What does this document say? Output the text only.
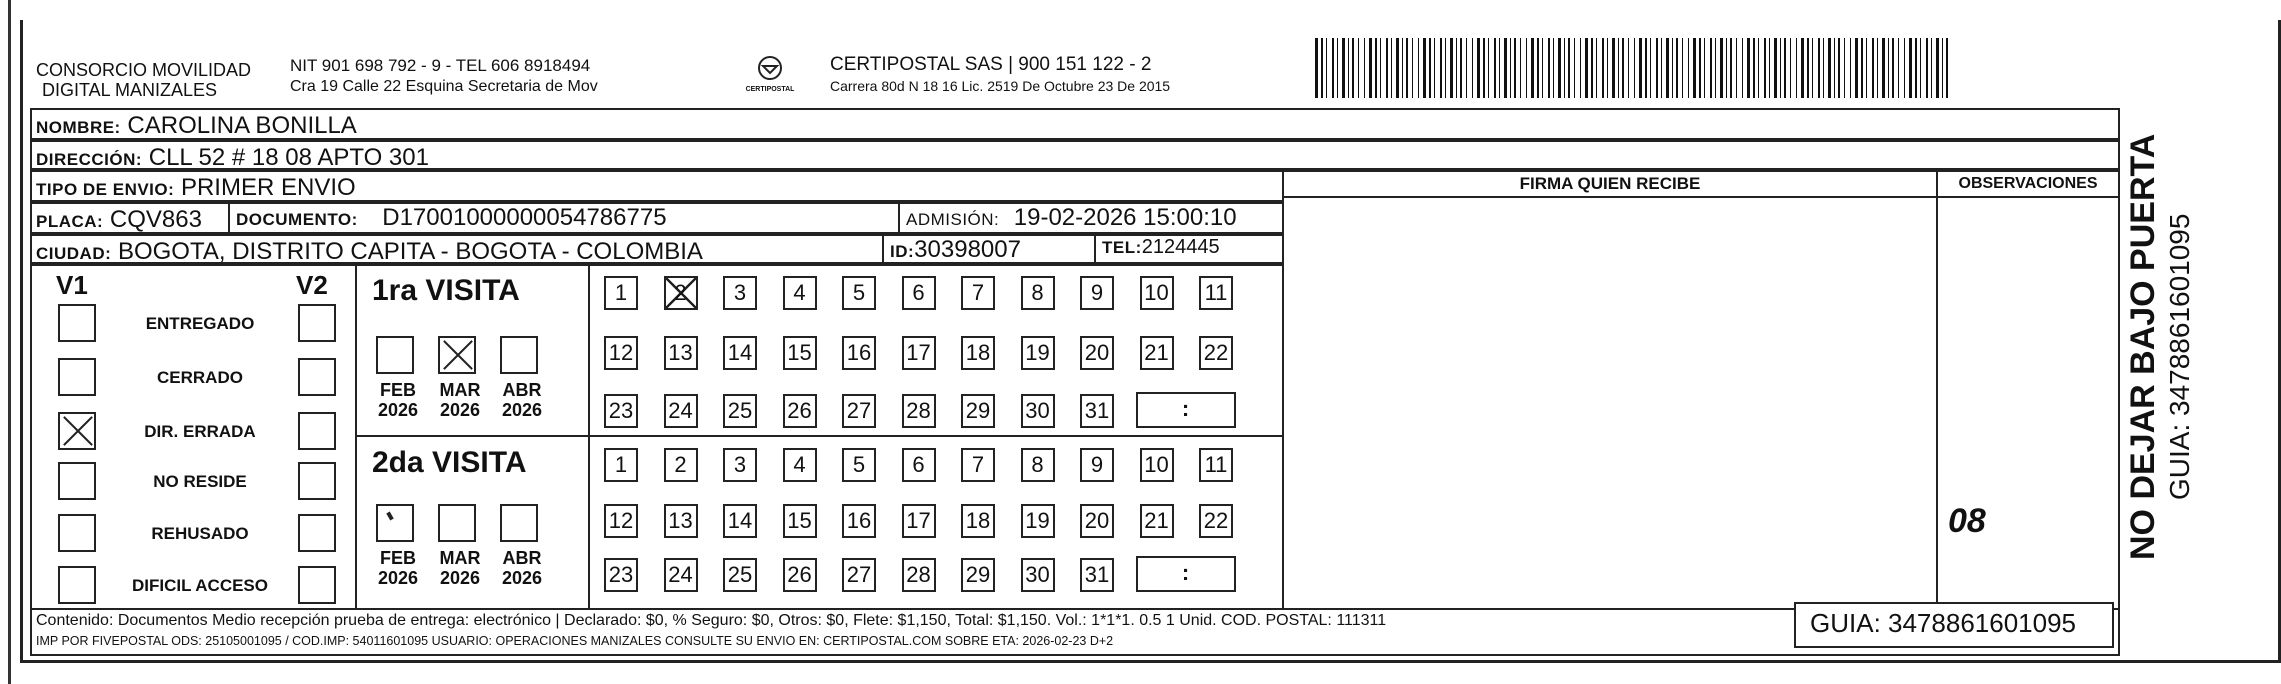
CONSORCIO MOVILIDAD
DIGITAL MANIZALES
NIT 901 698 792 - 9 - TEL 606 8918494
Cra 19 Calle 22 Esquina Secretaria de Mov	CERTIPOSTAL
CERTIPOSTAL SAS | 900 151 122 - 2
Carrera 80d N 18 16 Lic. 2519 De Octubre 23 De 2015
NOMBRE: CAROLINA BONILLA
DIRECCIÓN: CLL 52 # 18 08 APTO 301
TIPO DE ENVIO: PRIMER ENVIO
PLACA: CQV863	DOCUMENTO: D17001000000054786775	ADMISIÓN: 19-02-2026 15:00:10
CIUDAD: BOGOTA, DISTRITO CAPITA - BOGOTA - COLOMBIA	ID:30398007	TEL:2124445
FIRMA QUIEN RECIBE	OBSERVACIONES
08
V1	V2
ENTREGADO
CERRADO
DIR. ERRADA
NO RESIDE
REHUSADO
DIFICIL ACCESO
1ra VISITA
2da VISITA
FEB
2026
MAR
2026
ABR
2026
FEB
2026
MAR
2026
ABR
2026
1	2	3	4	5	6	7	8	9	10 11
12 13 14 15 16 17 18 19 20 21 22
23 24 25 26 27 28 29 30 31	:
1	2	3	4	5	6	7	8	9	10 11
12 13 14 15 16 17 18 19 20 21 22
23 24 25 26 27 28 29 30 31	:
Contenido: Documentos Medio recepción prueba de entrega: electrónico | Declarado: $0, % Seguro: $0, Otros: $0, Flete: $1,150, Total: $1,150. Vol.: 1*1*1. 0.5 1 Unid. COD. POSTAL: 111311
IMP POR FIVEPOSTAL ODS: 25105001095 / COD.IMP: 54011601095 USUARIO: OPERACIONES MANIZALES CONSULTE SU ENVIO EN: CERTIPOSTAL.COM SOBRE ETA: 2026-02-23 D+2
GUIA: 3478861601095
NO DEJAR BAJO PUERTA GUIA: 3478861601095
